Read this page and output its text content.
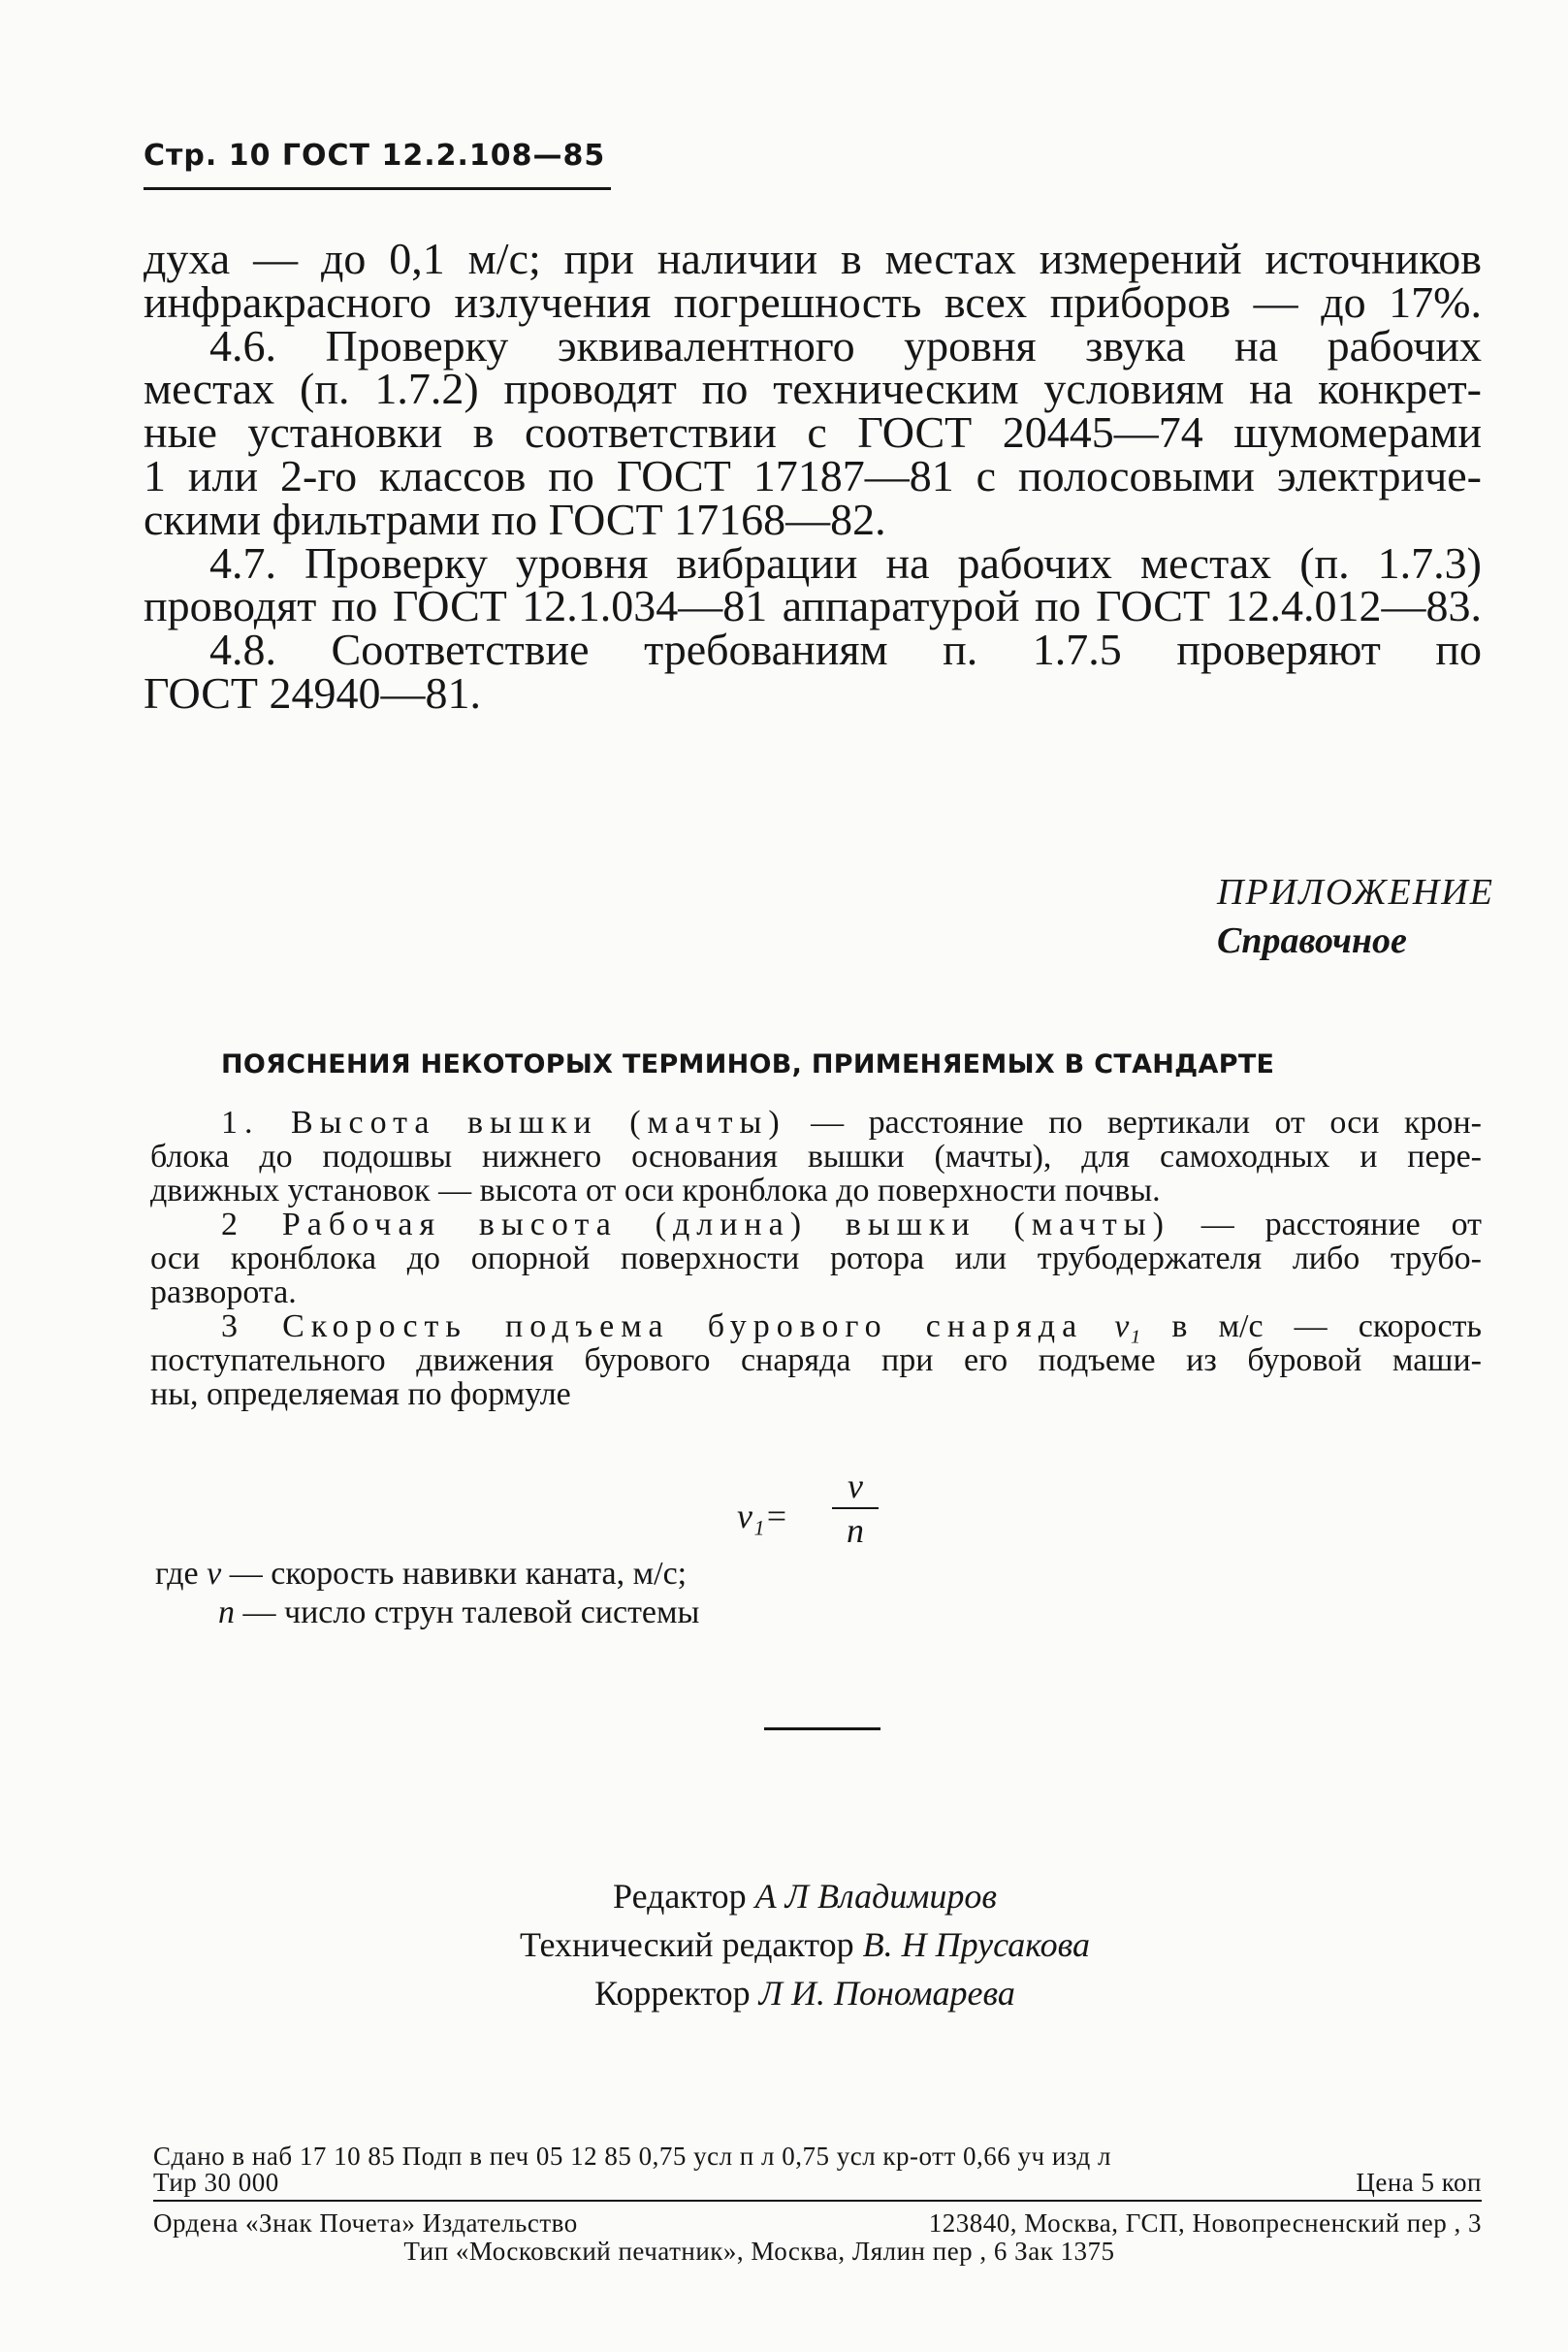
Стр. 10 ГОСТ 12.2.108—85
духа — до 0,1 м/с; при наличии в местах измерений источников
инфракрасного излучения погрешность всех приборов — до 17%.
4.6. Проверку эквивалентного уровня звука на рабочих
местах (п. 1.7.2) проводят по техническим условиям на конкрет-
ные установки в соответствии с ГОСТ 20445—74 шумомерами
1 или 2-го классов по ГОСТ 17187—81 с полосовыми электриче-
скими фильтрами по ГОСТ 17168—82.
4.7. Проверку уровня вибрации на рабочих местах (п. 1.7.3)
проводят по ГОСТ 12.1.034—81 аппаратурой по ГОСТ 12.4.012—83.
4.8. Соответствие требованиям п. 1.7.5 проверяют по
ГОСТ 24940—81.
ПРИЛОЖЕНИЕ
Справочное
ПОЯСНЕНИЯ НЕКОТОРЫХ ТЕРМИНОВ, ПРИМЕНЯЕМЫХ В СТАНДАРТЕ
1. Высота вышки (мачты) — расстояние по вертикали от оси крон-
блока до подошвы нижнего основания вышки (мачты), для самоходных и пере-
движных установок — высота от оси кронблока до поверхности почвы.
2 Рабочая высота (длина) вышки (мачты) — расстояние от
оси кронблока до опорной поверхности ротора или трубодержателя либо трубо-
разворота.
3 Скорость подъема бурового снаряда v₁ в м/с — скорость
поступательного движения бурового снаряда при его подъеме из буровой маши-
ны, определяемая по формуле
v₁=
v
n
где v — скорость навивки каната, м/с;
n — число струн талевой системы
Редактор А Л Владимиров
Технический редактор В. Н Прусакова
Корректор Л И. Пономарева
Сдано в наб 17 10 85 Подп в печ 05 12 85 0,75 усл п л 0,75 усл кр-отт 0,66 уч изд л
Тир 30 000	Цена 5 коп
Ордена «Знак Почета» Издательство	123840, Москва, ГСП, Новопресненский пер , 3
Тип «Московский печатник», Москва, Лялин пер , 6 Зак 1375
